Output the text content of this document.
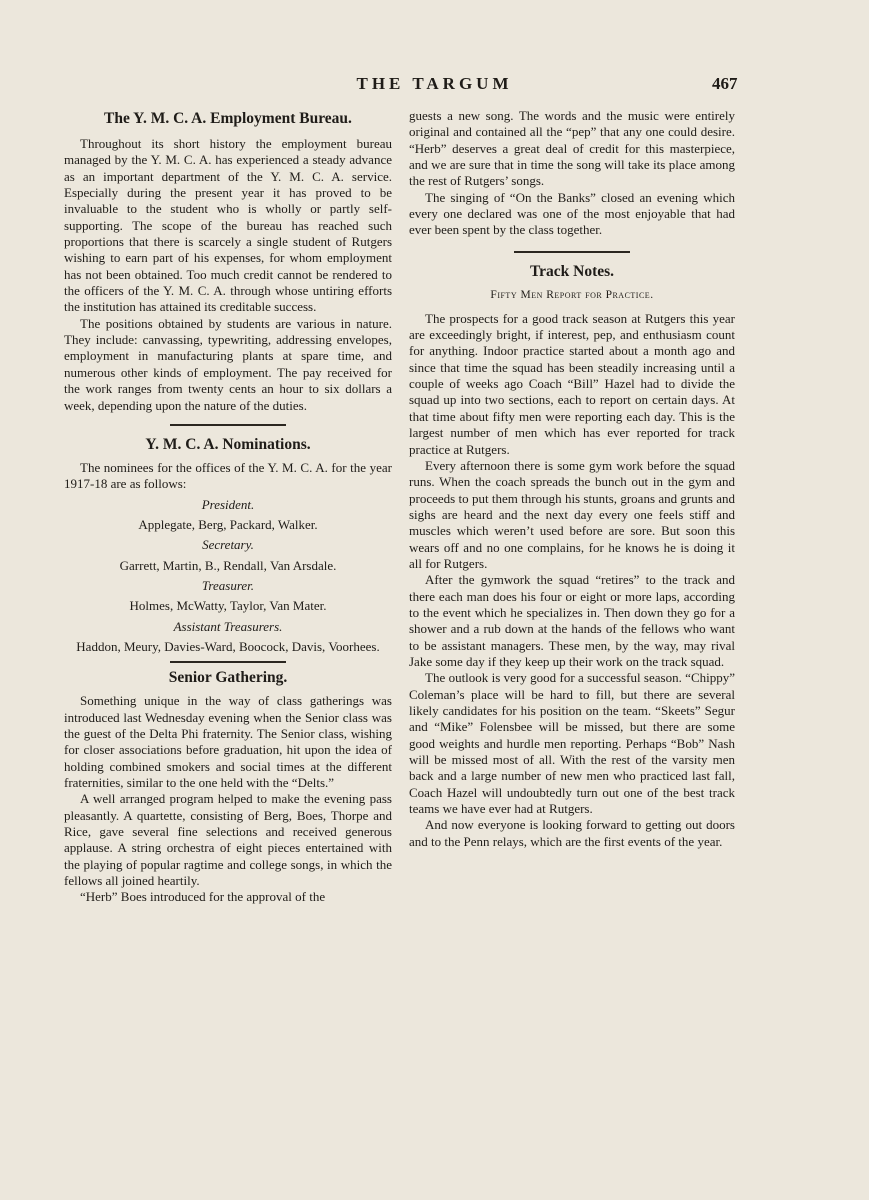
THE TARGUM	467
The Y. M. C. A. Employment Bureau.

Throughout its short history the employment bureau managed by the Y. M. C. A. has experienced a steady advance as an important department of the Y. M. C. A. service. Especially during the present year it has proved to be invaluable to the student who is wholly or partly self-supporting. The scope of the bureau has reached such proportions that there is scarcely a single student of Rutgers wishing to earn part of his expenses, for whom employment has not been obtained. Too much credit cannot be rendered to the officers of the Y. M. C. A. through whose untiring efforts the institution has attained its creditable success.

The positions obtained by students are various in nature. They include: canvassing, typewriting, addressing envelopes, employment in manufacturing plants at spare time, and numerous other kinds of employment. The pay received for the work ranges from twenty cents an hour to six dollars a week, depending upon the nature of the duties.

Y. M. C. A. Nominations.

The nominees for the offices of the Y. M. C. A. for the year 1917-18 are as follows:

President.
Applegate, Berg, Packard, Walker.
Secretary.
Garrett, Martin, B., Rendall, Van Arsdale.
Treasurer.
Holmes, McWatty, Taylor, Van Mater.
Assistant Treasurers.
Haddon, Meury, Davies-Ward, Boocock, Davis, Voorhees.
Senior Gathering.

Something unique in the way of class gatherings was introduced last Wednesday evening when the Senior class was the guest of the Delta Phi fraternity. The Senior class, wishing for closer associations before graduation, hit upon the idea of holding combined smokers and social times at the different fraternities, similar to the one held with the “Delts.”

A well arranged program helped to make the evening pass pleasantly. A quartette, consisting of Berg, Boes, Thorpe and Rice, gave several fine selections and received generous applause. A string orchestra of eight pieces entertained with the playing of popular ragtime and college songs, in which the fellows all joined heartily.

“Herb” Boes introduced for the approval of the

guests a new song. The words and the music were entirely original and contained all the “pep” that any one could desire. “Herb” deserves a great deal of credit for this masterpiece, and we are sure that in time the song will take its place among the rest of Rutgers’ songs.

The singing of “On the Banks” closed an evening which every one declared was one of the most enjoyable that had ever been spent by the class together.

Track Notes.
Fifty Men Report for Practice.

The prospects for a good track season at Rutgers this year are exceedingly bright, if interest, pep, and enthusiasm count for anything. Indoor practice started about a month ago and since that time the squad has been steadily increasing until a couple of weeks ago Coach “Bill” Hazel had to divide the squad up into two sections, each to report on certain days. At that time about fifty men were reporting each day. This is the largest number of men which has ever reported for track practice at Rutgers.

Every afternoon there is some gym work before the squad runs. When the coach spreads the bunch out in the gym and proceeds to put them through his stunts, groans and grunts and sighs are heard and the next day every one feels stiff and muscles which weren’t used before are sore. But soon this wears off and no one complains, for he knows he is doing it all for Rutgers.

After the gymwork the squad “retires” to the track and there each man does his four or eight or more laps, according to the event which he specializes in. Then down they go for a shower and a rub down at the hands of the fellows who want to be assistant managers. These men, by the way, may rival Jake some day if they keep up their work on the track squad.

The outlook is very good for a successful season. “Chippy” Coleman’s place will be hard to fill, but there are several likely candidates for his position on the team. “Skeets” Segur and “Mike” Folensbee will be missed, but there are some good weights and hurdle men reporting. Perhaps “Bob” Nash will be missed most of all. With the rest of the varsity men back and a large number of new men who practiced last fall, Coach Hazel will undoubtedly turn out one of the best track teams we have ever had at Rutgers.

And now everyone is looking forward to getting out doors and to the Penn relays, which are the first events of the year.
